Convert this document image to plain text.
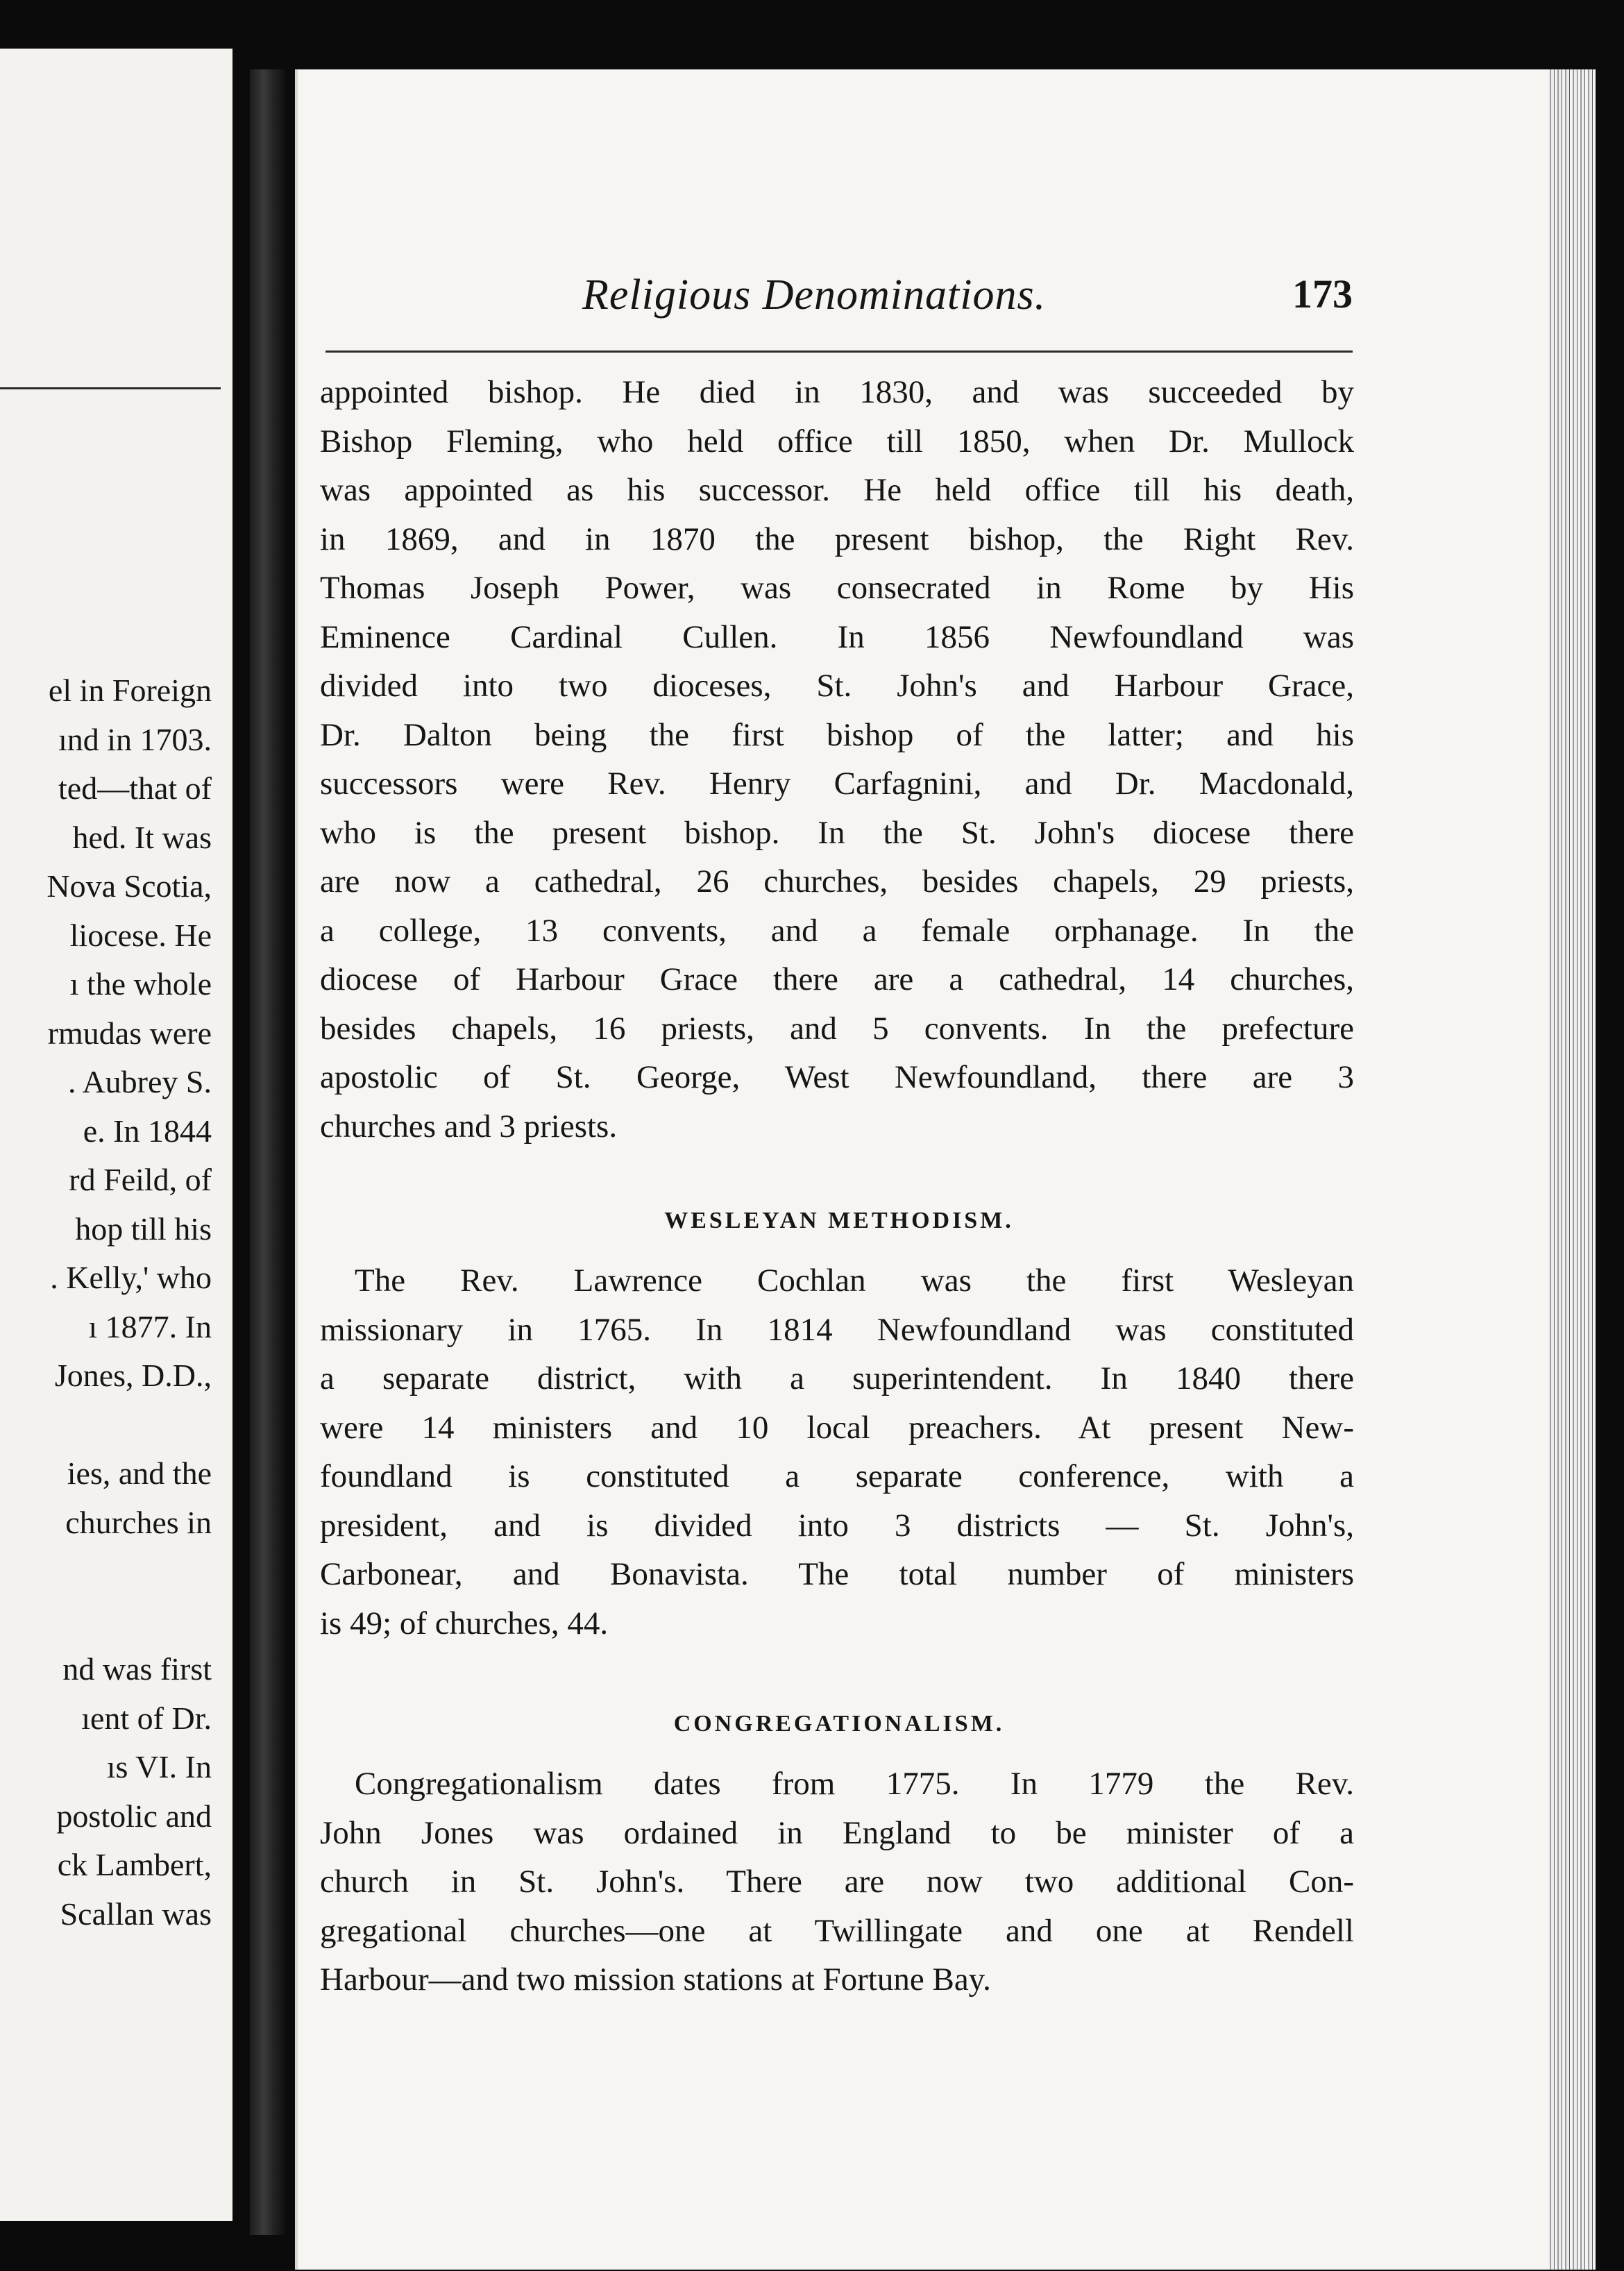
el in Foreign
ınd in 1703.
ted—that of
hed. It was
Nova Scotia,
liocese. He
ı the whole
rmudas were
. Aubrey S.
e. In 1844
rd Feild, of
hop till his
. Kelly,' who
ı 1877. In
Jones, D.D.,
ies, and the
churches in
nd was first
ıent of Dr.
ıs VI. In
postolic and
ck Lambert,
Scallan was
Religious Denominations.	173
appointed bishop. He died in 1830, and was succeeded by
Bishop Fleming, who held office till 1850, when Dr. Mullock
was appointed as his successor. He held office till his death,
in 1869, and in 1870 the present bishop, the Right Rev.
Thomas Joseph Power, was consecrated in Rome by His
Eminence Cardinal Cullen. In 1856 Newfoundland was
divided into two dioceses, St. John's and Harbour Grace,
Dr. Dalton being the first bishop of the latter; and his
successors were Rev. Henry Carfagnini, and Dr. Macdonald,
who is the present bishop. In the St. John's diocese there
are now a cathedral, 26 churches, besides chapels, 29 priests,
a college, 13 convents, and a female orphanage. In the
diocese of Harbour Grace there are a cathedral, 14 churches,
besides chapels, 16 priests, and 5 convents. In the prefecture
apostolic of St. George, West Newfoundland, there are 3
churches and 3 priests.
WESLEYAN METHODISM.
The Rev. Lawrence Cochlan was the first Wesleyan
missionary in 1765. In 1814 Newfoundland was constituted
a separate district, with a superintendent. In 1840 there
were 14 ministers and 10 local preachers. At present New-
foundland is constituted a separate conference, with a
president, and is divided into 3 districts — St. John's,
Carbonear, and Bonavista. The total number of ministers
is 49; of churches, 44.
CONGREGATIONALISM.
Congregationalism dates from 1775. In 1779 the Rev.
John Jones was ordained in England to be minister of a
church in St. John's. There are now two additional Con-
gregational churches—one at Twillingate and one at Rendell
Harbour—and two mission stations at Fortune Bay.
